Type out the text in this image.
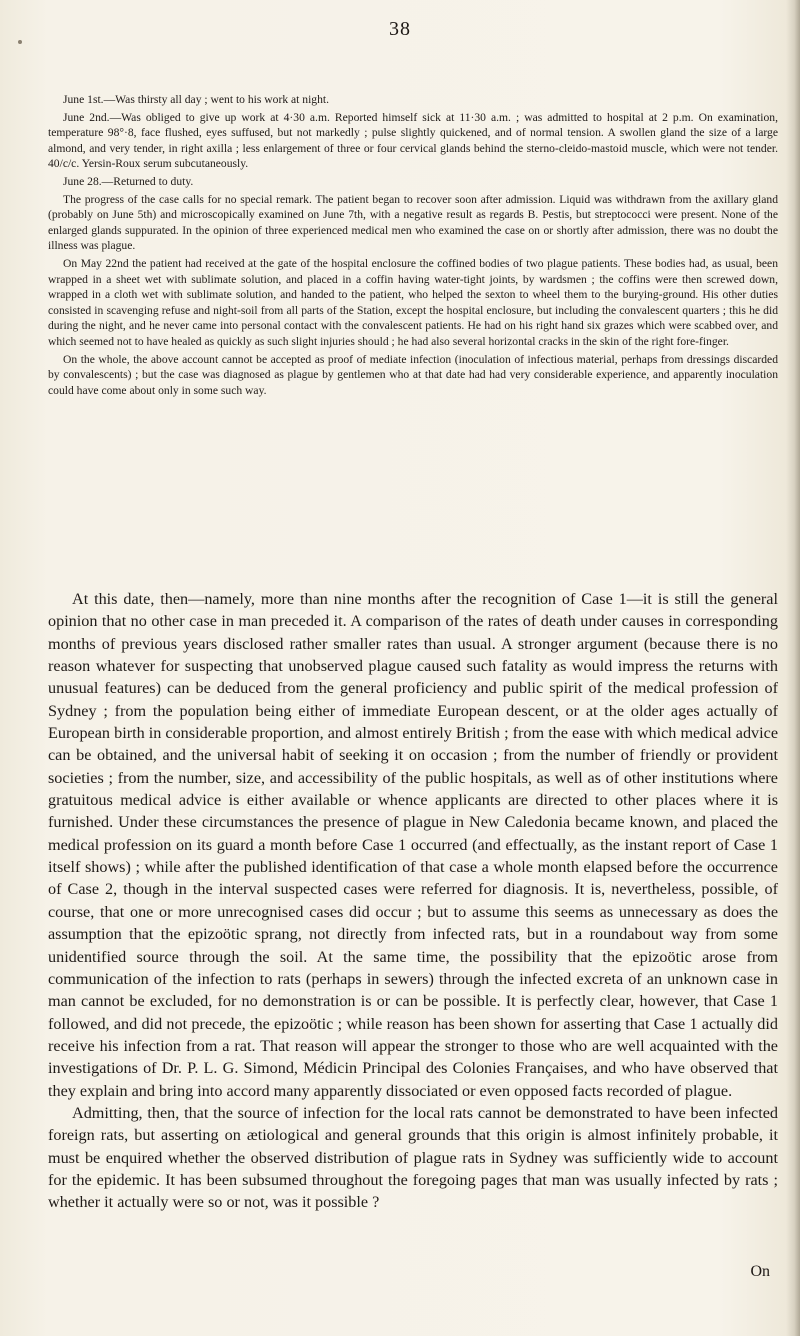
38

June 1st.—Was thirsty all day ; went to his work at night.

June 2nd.—Was obliged to give up work at 4·30 a.m. Reported himself sick at 11·30 a.m. ; was admitted to hospital at 2 p.m. On examination, temperature 98°·8, face flushed, eyes suffused, but not markedly ; pulse slightly quickened, and of normal tension. A swollen gland the size of a large almond, and very tender, in right axilla ; less enlargement of three or four cervical glands behind the sterno-cleido-mastoid muscle, which were not tender. 40/c/c. Yersin-Roux serum subcutaneously.

June 28.—Returned to duty.

The progress of the case calls for no special remark. The patient began to recover soon after admission. Liquid was withdrawn from the axillary gland (probably on June 5th) and microscopically examined on June 7th, with a negative result as regards B. Pestis, but streptococci were present. None of the enlarged glands suppurated. In the opinion of three experienced medical men who examined the case on or shortly after admission, there was no doubt the illness was plague.

On May 22nd the patient had received at the gate of the hospital enclosure the coffined bodies of two plague patients. These bodies had, as usual, been wrapped in a sheet wet with sublimate solution, and placed in a coffin having water-tight joints, by wardsmen ; the coffins were then screwed down, wrapped in a cloth wet with sublimate solution, and handed to the patient, who helped the sexton to wheel them to the burying-ground. His other duties consisted in scavenging refuse and night-soil from all parts of the Station, except the hospital enclosure, but including the convalescent quarters ; this he did during the night, and he never came into personal contact with the convalescent patients. He had on his right hand six grazes which were scabbed over, and which seemed not to have healed as quickly as such slight injuries should ; he had also several horizontal cracks in the skin of the right fore-finger.

On the whole, the above account cannot be accepted as proof of mediate infection (inoculation of infectious material, perhaps from dressings discarded by convalescents) ; but the case was diagnosed as plague by gentlemen who at that date had had very considerable experience, and apparently inoculation could have come about only in some such way.

At this date, then—namely, more than nine months after the recognition of Case 1—it is still the general opinion that no other case in man preceded it. A comparison of the rates of death under causes in corresponding months of previous years disclosed rather smaller rates than usual. A stronger argument (because there is no reason whatever for suspecting that unobserved plague caused such fatality as would impress the returns with unusual features) can be deduced from the general proficiency and public spirit of the medical profession of Sydney ; from the population being either of immediate European descent, or at the older ages actually of European birth in considerable proportion, and almost entirely British ; from the ease with which medical advice can be obtained, and the universal habit of seeking it on occasion ; from the number of friendly or provident societies ; from the number, size, and accessibility of the public hospitals, as well as of other institutions where gratuitous medical advice is either available or whence applicants are directed to other places where it is furnished. Under these circumstances the presence of plague in New Caledonia became known, and placed the medical profession on its guard a month before Case 1 occurred (and effectually, as the instant report of Case 1 itself shows) ; while after the published identification of that case a whole month elapsed before the occurrence of Case 2, though in the interval suspected cases were referred for diagnosis. It is, nevertheless, possible, of course, that one or more unrecognised cases did occur ; but to assume this seems as unnecessary as does the assumption that the epizoötic sprang, not directly from infected rats, but in a roundabout way from some unidentified source through the soil. At the same time, the possibility that the epizoötic arose from communication of the infection to rats (perhaps in sewers) through the infected excreta of an unknown case in man cannot be excluded, for no demonstration is or can be possible. It is perfectly clear, however, that Case 1 followed, and did not precede, the epizoötic ; while reason has been shown for asserting that Case 1 actually did receive his infection from a rat. That reason will appear the stronger to those who are well acquainted with the investigations of Dr. P. L. G. Simond, Médicin Principal des Colonies Françaises, and who have observed that they explain and bring into accord many apparently dissociated or even opposed facts recorded of plague.

Admitting, then, that the source of infection for the local rats cannot be demonstrated to have been infected foreign rats, but asserting on ætiological and general grounds that this origin is almost infinitely probable, it must be enquired whether the observed distribution of plague rats in Sydney was sufficiently wide to account for the epidemic. It has been subsumed throughout the foregoing pages that man was usually infected by rats ; whether it actually were so or not, was it possible ?

On
